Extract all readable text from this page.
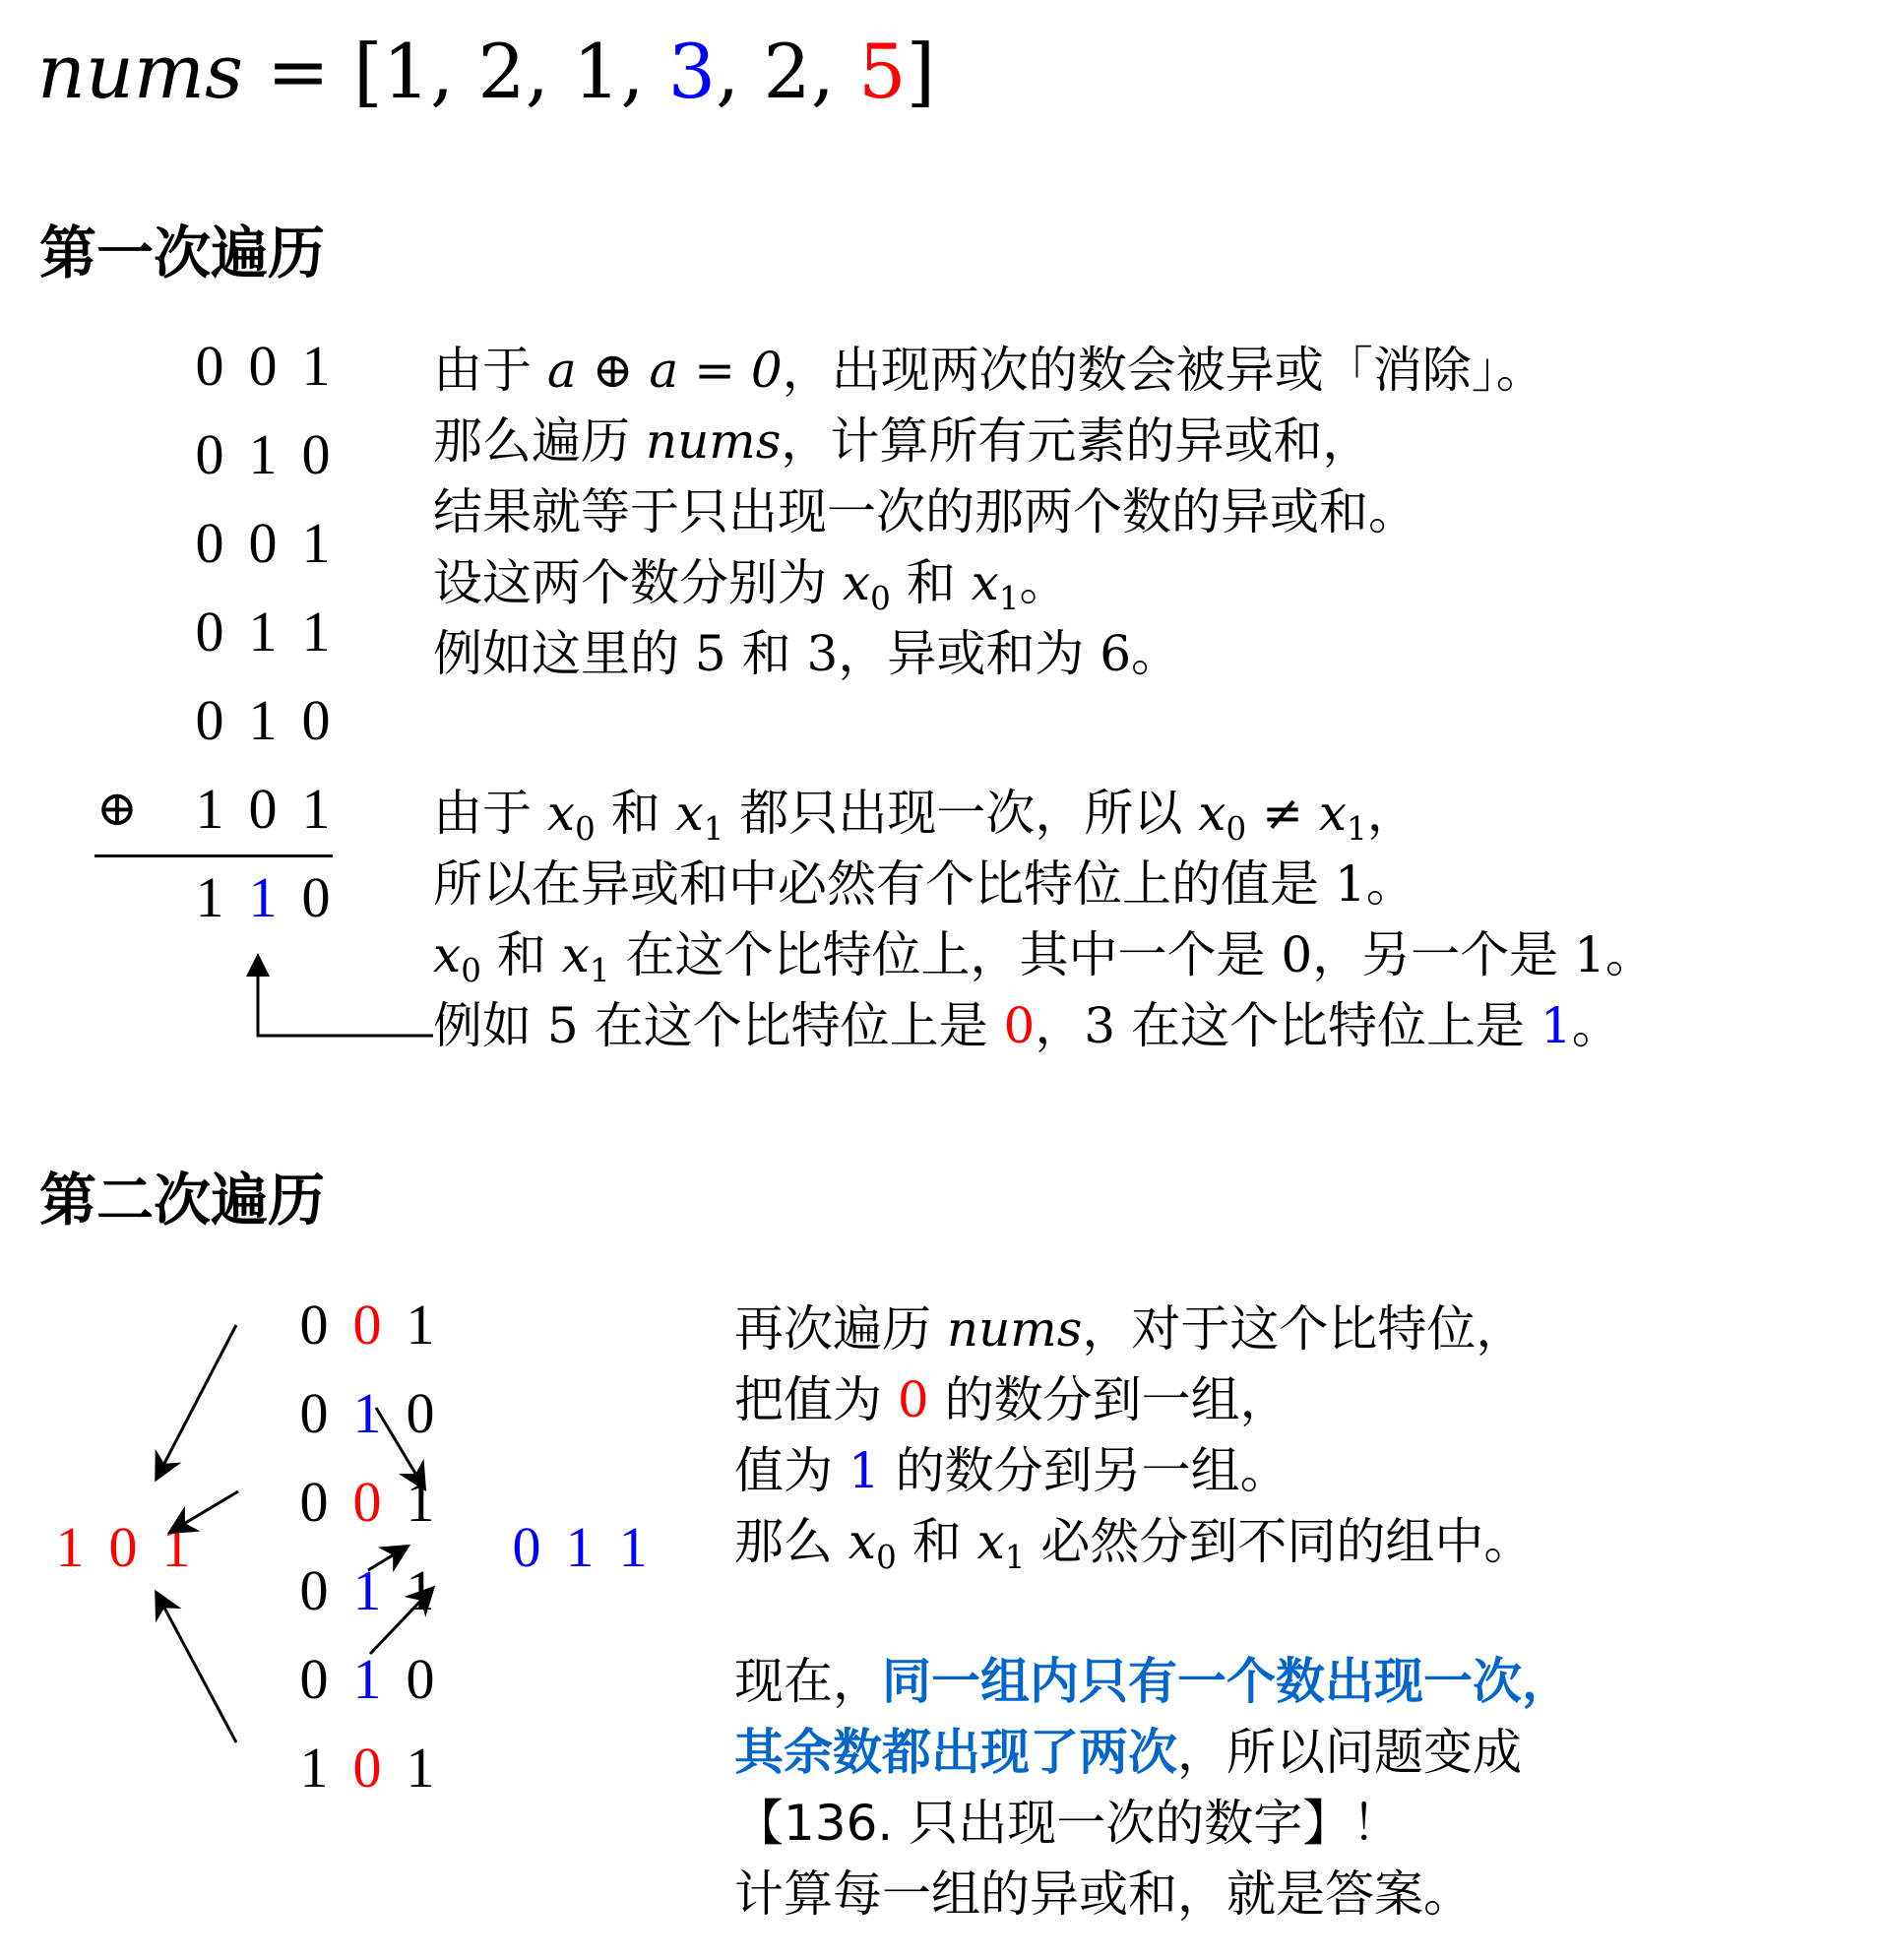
nums = [1, 2, 1, 3, 2, 5]
第一次遍历
0 0 1
0 1 0
0 0 1
0 1 1
0 1 0
⊕ 1 0 1
1 1 0
由于 a ⊕ a = 0，出现两次的数会被异或「消除」。
那么遍历 nums，计算所有元素的异或和，
结果就等于只出现一次的那两个数的异或和。
设这两个数分别为 $x_0$ 和 $x_1$。
例如这里的 5 和 3，异或和为 6。
由于 $x_0$ 和 $x_1$ 都只出现一次，所以 $x_0 \ne x_1$，
所以在异或和中必然有个比特位上的值是 1。
$x_0$ 和 $x_1$ 在这个比特位上，其中一个是 0，另一个是 1。
例如 5 在这个比特位上是 0，3 在这个比特位上是 1。
第二次遍历
0 0 1
0 1 0
0 0 1
0 1 1
0 1 0
1 0 1
1 0 1	0 1 1
再次遍历 nums，对于这个比特位，
把值为 0 的数分到一组，
值为 1 的数分到另一组。
那么 $x_0$ 和 $x_1$ 必然分到不同的组中。
现在，同一组内只有一个数出现一次，
其余数都出现了两次，所以问题变成
【136. 只出现一次的数字】！
计算每一组的异或和，就是答案。
